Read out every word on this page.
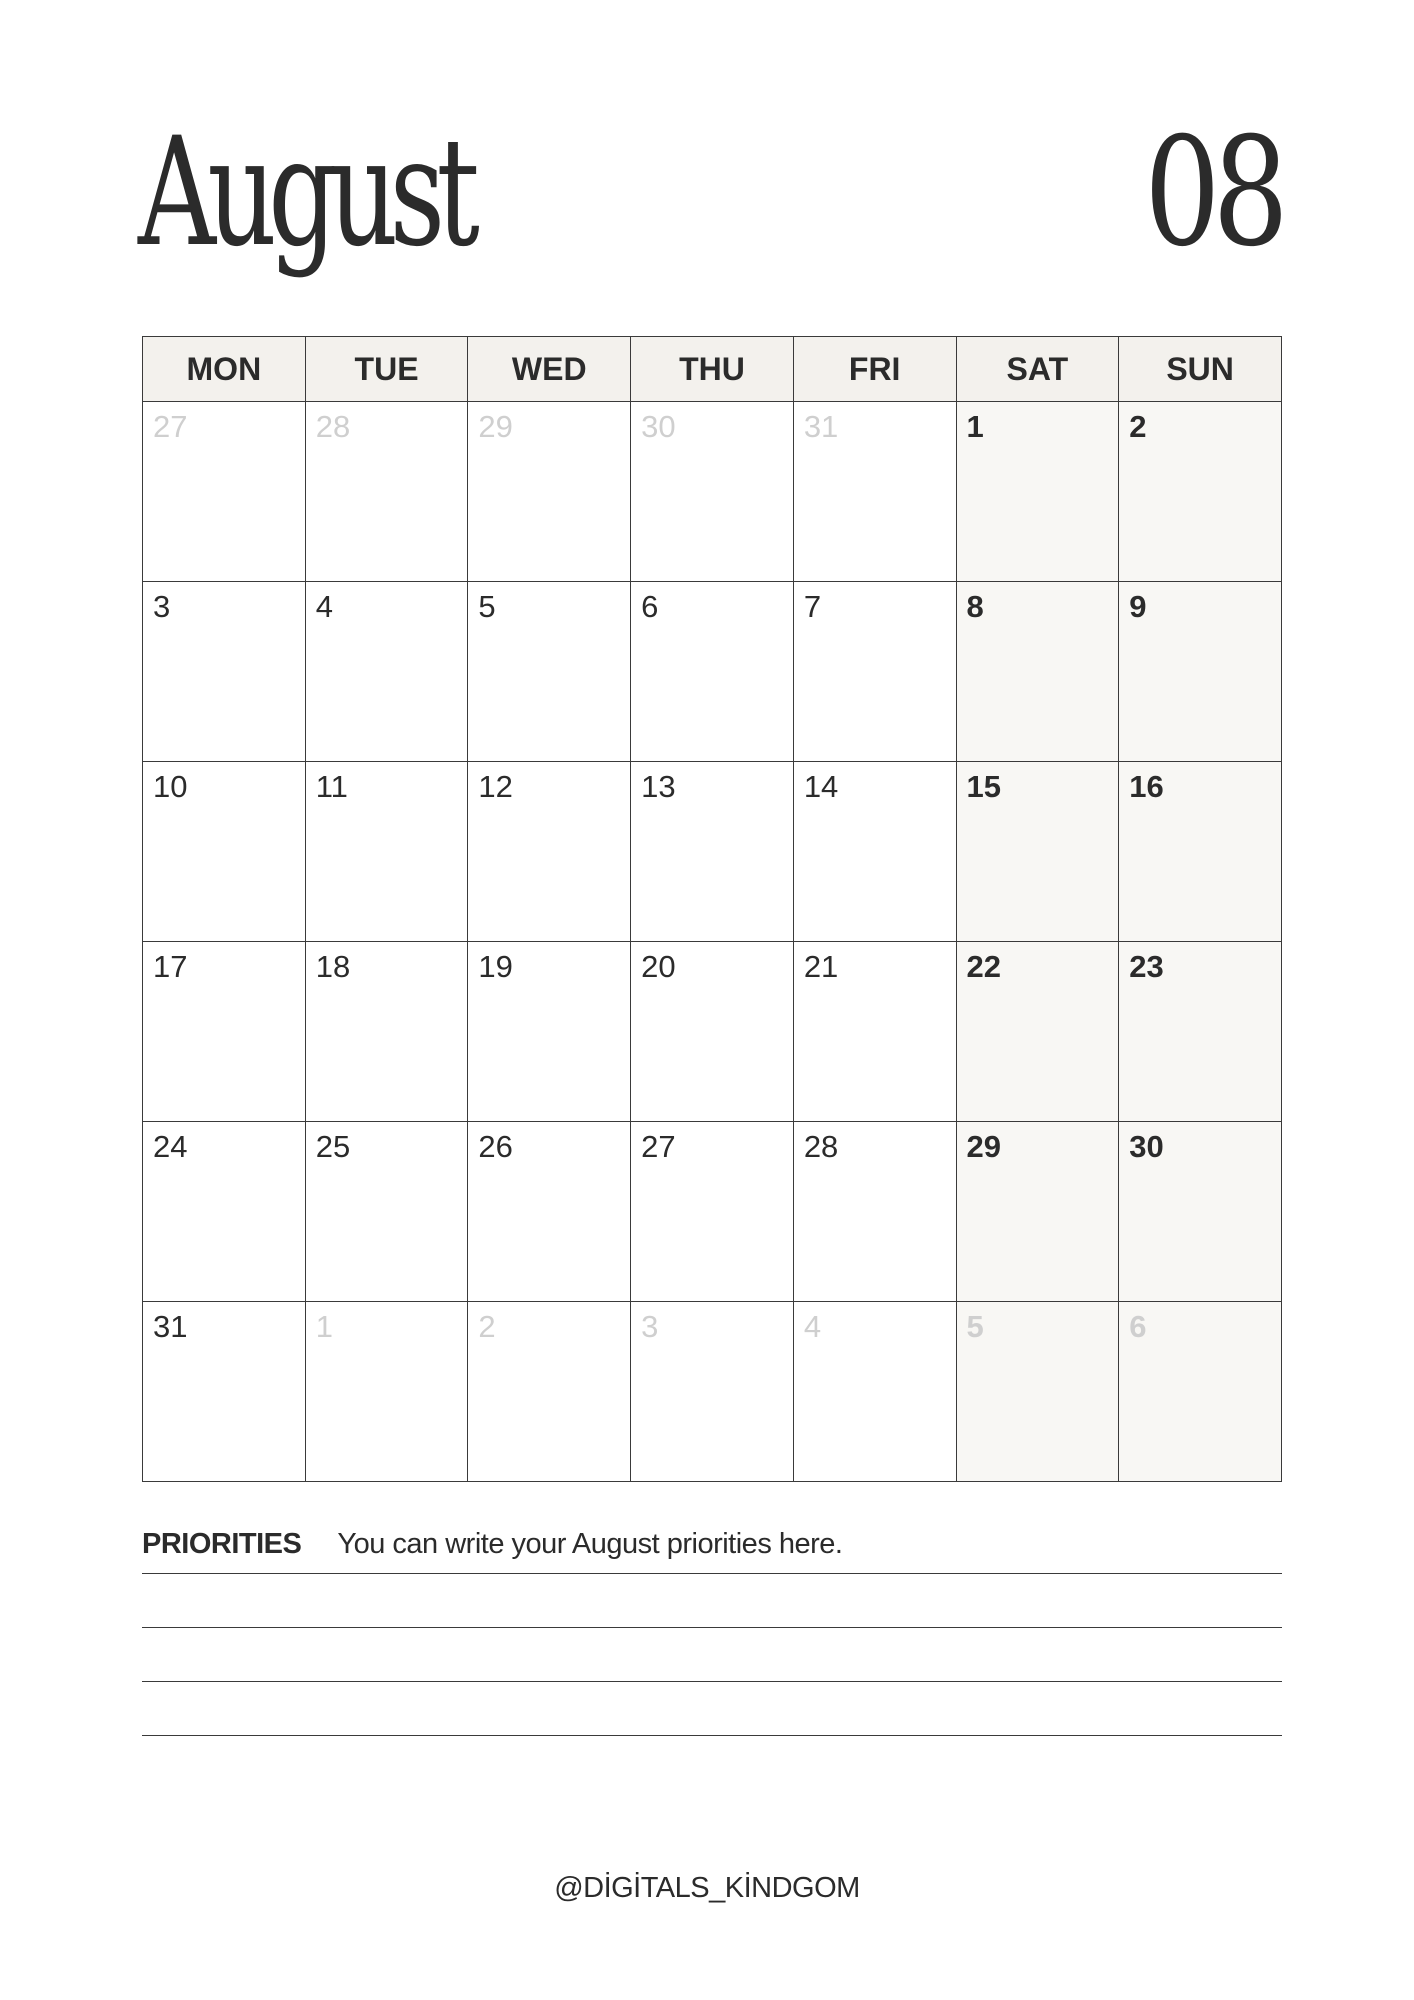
August	08
MON	TUE	WED	THU	FRI	SAT	SUN

27	28	29	30	31	1	2

3	4	5	6	7	8	9

10	11	12	13	14	15	16

17	18	19	20	21	22	23

24	25	26	27	28	29	30

31	1	2	3	4	5	6
PRIORITIES You can write your August priorities here.
@DİGİTALS_KİNDGOM
